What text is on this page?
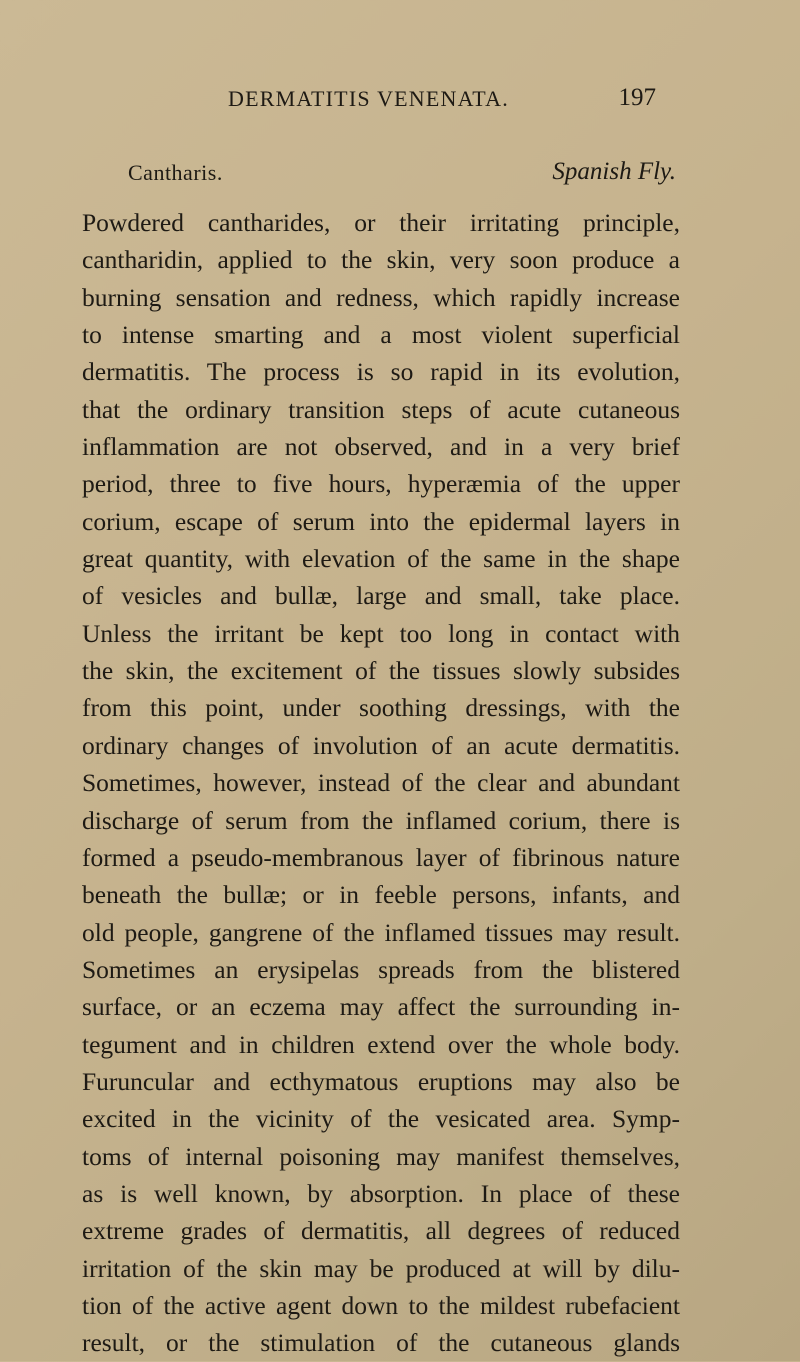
DERMATITIS VENENATA.	197
Cantharis.	Spanish Fly.
Powdered cantharides, or their irritating principle,
cantharidin, applied to the skin, very soon produce a
burning sensation and redness, which rapidly increase
to intense smarting and a most violent superficial
dermatitis. The process is so rapid in its evolution,
that the ordinary transition steps of acute cutaneous
inflammation are not observed, and in a very brief
period, three to five hours, hyperæmia of the upper
corium, escape of serum into the epidermal layers in
great quantity, with elevation of the same in the shape
of vesicles and bullæ, large and small, take place.
Unless the irritant be kept too long in contact with
the skin, the excitement of the tissues slowly subsides
from this point, under soothing dressings, with the
ordinary changes of involution of an acute dermatitis.
Sometimes, however, instead of the clear and abundant
discharge of serum from the inflamed corium, there is
formed a pseudo-membranous layer of fibrinous nature
beneath the bullæ; or in feeble persons, infants, and
old people, gangrene of the inflamed tissues may result.
Sometimes an erysipelas spreads from the blistered
surface, or an eczema may affect the surrounding in-
tegument and in children extend over the whole body.
Furuncular and ecthymatous eruptions may also be
excited in the vicinity of the vesicated area. Symp-
toms of internal poisoning may manifest themselves,
as is well known, by absorption. In place of these
extreme grades of dermatitis, all degrees of reduced
irritation of the skin may be produced at will by dilu-
tion of the active agent down to the mildest rubefacient
result, or the stimulation of the cutaneous glands
